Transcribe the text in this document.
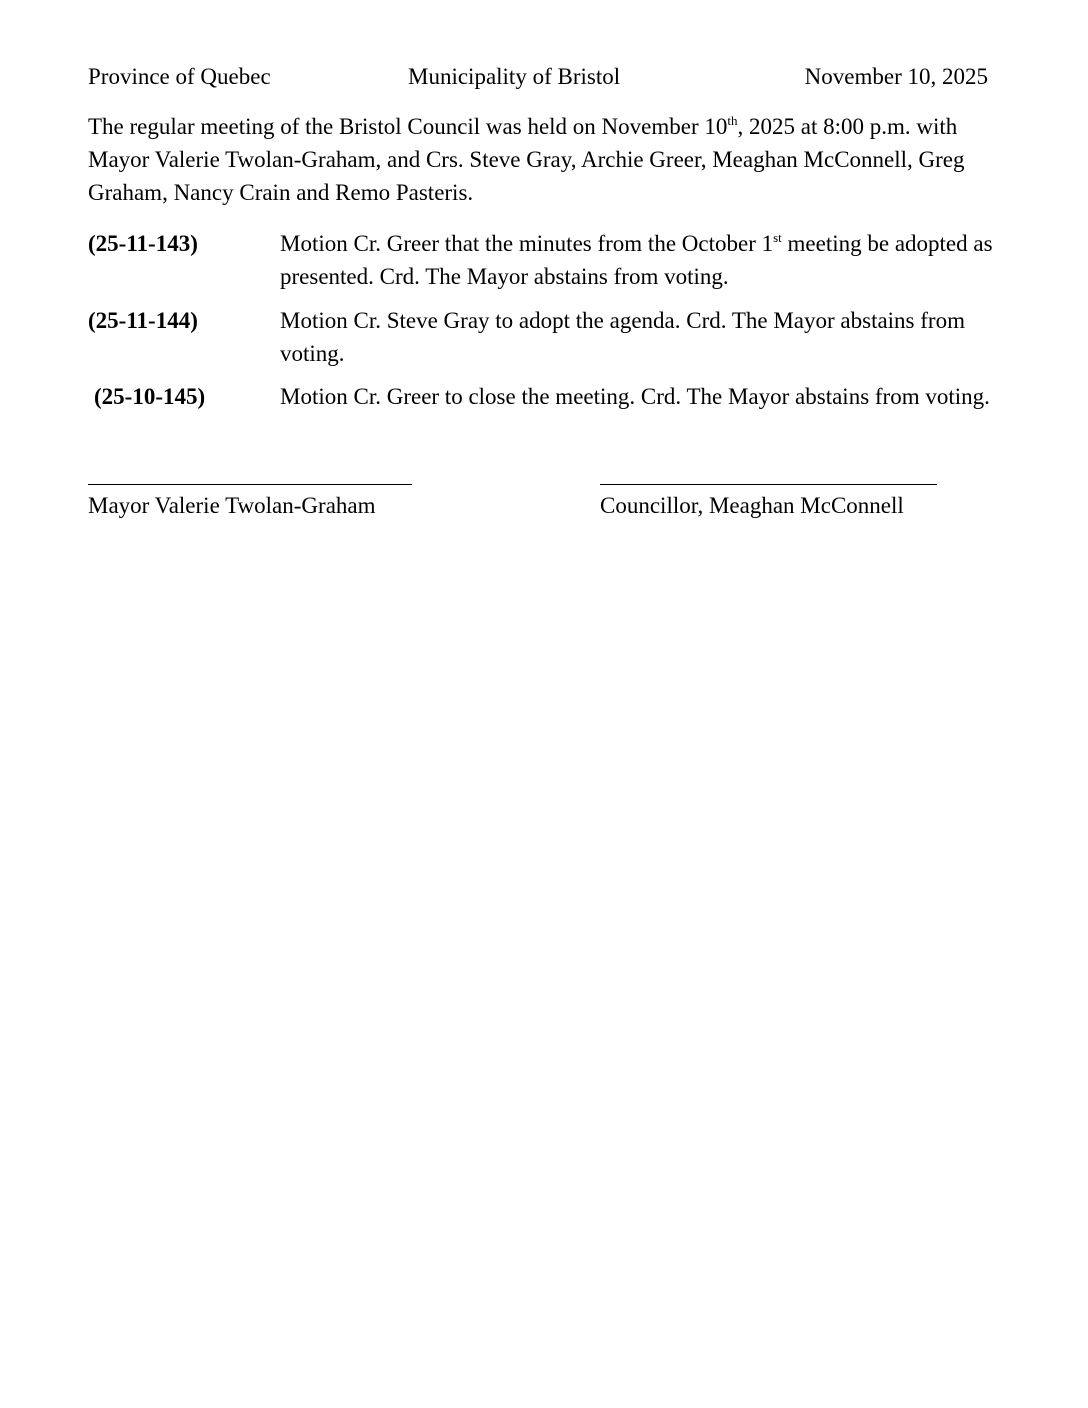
Province of Quebec	Municipality of Bristol	November 10, 2025

The regular meeting of the Bristol Council was held on November 10th, 2025 at 8:00 p.m. with Mayor Valerie Twolan-Graham, and Crs. Steve Gray, Archie Greer, Meaghan McConnell, Greg Graham, Nancy Crain and Remo Pasteris.

(25-11-143)	Motion Cr. Greer that the minutes from the October 1st meeting be adopted as presented. Crd. The Mayor abstains from voting.
(25-11-144)	Motion Cr. Steve Gray to adopt the agenda. Crd. The Mayor abstains from voting.
(25-10-145)	Motion Cr. Greer to close the meeting. Crd. The Mayor abstains from voting.
Mayor Valerie Twolan-Graham	Councillor, Meaghan McConnell
